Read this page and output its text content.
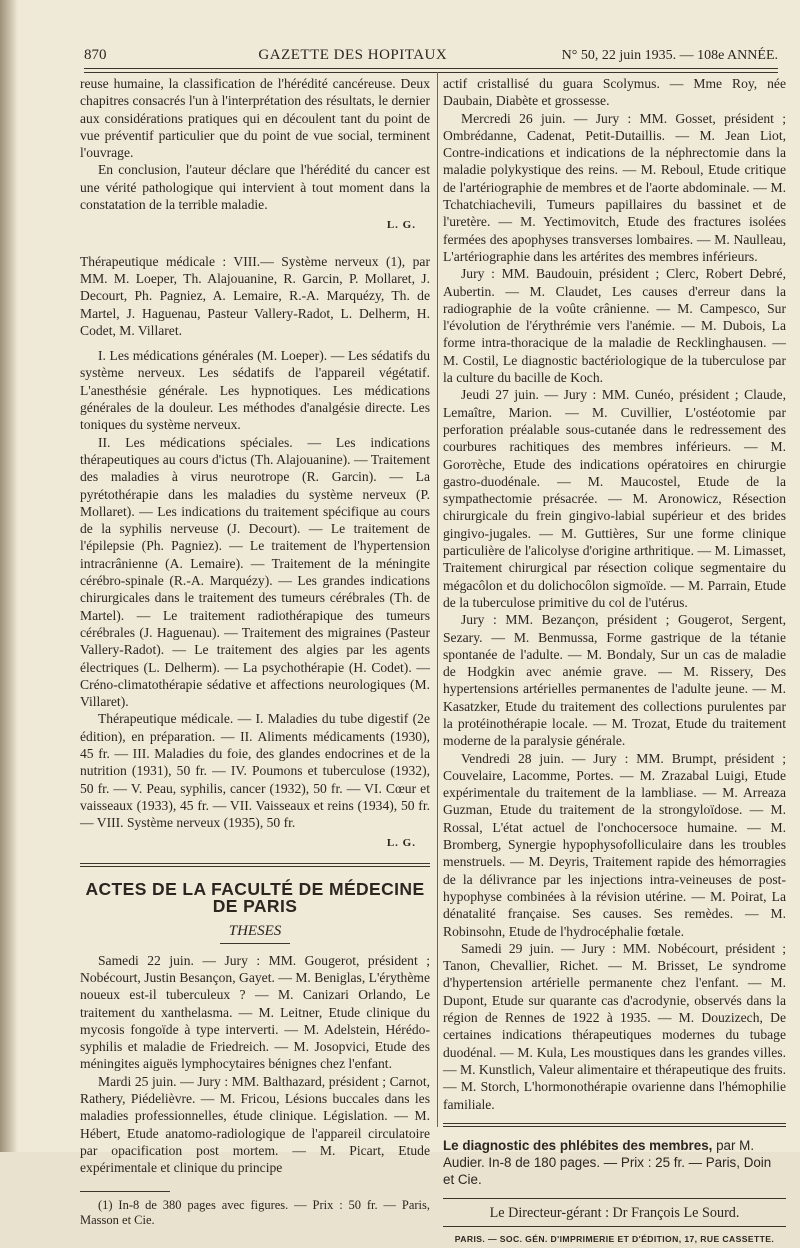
870	GAZETTE DES HOPITAUX	N° 50, 22 juin 1935. — 108e ANNÉE.

reuse humaine, la classification de l'hérédité cancéreuse. Deux chapitres consacrés l'un à l'interprétation des résultats, le dernier aux considérations pratiques qui en découlent tant du point de vue préventif particulier que du point de vue social, terminent l'ouvrage.

En conclusion, l'auteur déclare que l'hérédité du cancer est une vérité pathologique qui intervient à tout moment dans la constatation de la terrible maladie.

L. G.

Thérapeutique médicale : VIII.— Système nerveux (1), par MM. M. Loeper, Th. Alajouanine, R. Garcin, P. Mollaret, J. Decourt, Ph. Pagniez, A. Lemaire, R.-A. Marquézy, Th. de Martel, J. Haguenau, Pasteur Vallery-Radot, L. Delherm, H. Codet, M. Villaret.

I. Les médications générales (M. Loeper). — Les sédatifs du système nerveux. Les sédatifs de l'appareil végétatif. L'anesthésie générale. Les hypnotiques. Les médications générales de la douleur. Les méthodes d'analgésie directe. Les toniques du système nerveux.

II. Les médications spéciales. — Les indications thérapeutiques au cours d'ictus (Th. Alajouanine). — Traitement des maladies à virus neurotrope (R. Garcin). — La pyrétothérapie dans les maladies du système nerveux (P. Mollaret). — Les indications du traitement spécifique au cours de la syphilis nerveuse (J. Decourt). — Le traitement de l'épilepsie (Ph. Pagniez). — Le traitement de l'hypertension intracrânienne (A. Lemaire). — Traitement de la méningite cérébro-spinale (R.-A. Marquézy). — Les grandes indications chirurgicales dans le traitement des tumeurs cérébrales (Th. de Martel). — Le traitement radiothérapique des tumeurs cérébrales (J. Haguenau). — Traitement des migraines (Pasteur Vallery-Radot). — Le traitement des algies par les agents électriques (L. Delherm). — La psychothérapie (H. Codet). — Créno-climatothérapie sédative et affections neurologiques (M. Villaret).

Thérapeutique médicale. — I. Maladies du tube digestif (2e édition), en préparation. — II. Aliments médicaments (1930), 45 fr. — III. Maladies du foie, des glandes endocrines et de la nutrition (1931), 50 fr. — IV. Poumons et tuberculose (1932), 50 fr. — V. Peau, syphilis, cancer (1932), 50 fr. — VI. Cœur et vaisseaux (1933), 45 fr. — VII. Vaisseaux et reins (1934), 50 fr. — VIII. Système nerveux (1935), 50 fr.

L. G.
ACTES DE LA FACULTÉ DE MÉDECINE DE PARIS
THESES

Samedi 22 juin. — Jury : MM. Gougerot, président ; Nobécourt, Justin Besançon, Gayet. — M. Beniglas, L'érythème noueux est-il tuberculeux ? — M. Canizari Orlando, Le traitement du xanthelasma. — M. Leitner, Etude clinique du mycosis fongoïde à type interverti. — M. Adelstein, Hérédo-syphilis et maladie de Friedreich. — M. Josopvici, Etude des méningites aiguës lymphocytaires bénignes chez l'enfant.

Mardi 25 juin. — Jury : MM. Balthazard, président ; Carnot, Rathery, Piédelièvre. — M. Fricou, Lésions buccales dans les maladies professionnelles, étude clinique. Législation. — M. Hébert, Etude anatomo-radiologique de l'appareil circulatoire par opacification post mortem. — M. Picart, Etude expérimentale et clinique du principe

(1) In-8 de 380 pages avec figures. — Prix : 50 fr. — Paris, Masson et Cie.

actif cristallisé du guara Scolymus. — Mme Roy, née Daubain, Diabète et grossesse.

Mercredi 26 juin. — Jury : MM. Gosset, président ; Ombrédanne, Cadenat, Petit-Dutaillis. — M. Jean Liot, Contre-indications et indications de la néphrectomie dans la maladie polykystique des reins. — M. Reboul, Etude critique de l'artériographie de membres et de l'aorte abdominale. — M. Tchatchiachevili, Tumeurs papillaires du bassinet et de l'uretère. — M. Yectimovitch, Etude des fractures isolées fermées des apophyses transverses lombaires. — M. Naulleau, L'artériographie dans les artérites des membres inférieurs.

Jury : MM. Baudouin, président ; Clerc, Robert Debré, Aubertin. — M. Claudet, Les causes d'erreur dans la radiographie de la voûte crânienne. — M. Campesco, Sur l'évolution de l'érythrémie vers l'anémie. — M. Dubois, La forme intra-thoracique de la maladie de Recklinghausen. — M. Costil, Le diagnostic bactériologique de la tuberculose par la culture du bacille de Koch.

Jeudi 27 juin. — Jury : MM. Cunéo, président ; Claude, Lemaître, Marion. — M. Cuvillier, L'ostéotomie par perforation préalable sous-cutanée dans le redressement des courbures rachitiques des membres inférieurs. — M. Goroтèche, Etude des indications opératoires en chirurgie gastro-duodénale. — M. Maucostel, Etude de la sympathectomie présacrée. — M. Aronowicz, Résection chirurgicale du frein gingivo-labial supérieur et des brides gingivo-jugales. — M. Guttières, Sur une forme clinique particulière de l'alicolyse d'origine arthritique. — M. Limasset, Traitement chirurgical par résection colique segmentaire du mégacôlon et du dolichocôlon sigmoïde. — M. Parrain, Etude de la tuberculose primitive du col de l'utérus.

Jury : MM. Bezançon, président ; Gougerot, Sergent, Sezary. — M. Benmussa, Forme gastrique de la tétanie spontanée de l'adulte. — M. Bondaly, Sur un cas de maladie de Hodgkin avec anémie grave. — M. Rissery, Des hypertensions artérielles permanentes de l'adulte jeune. — M. Kasatzker, Etude du traitement des collections purulentes par la protéinothérapie locale. — M. Trozat, Etude du traitement moderne de la paralysie générale.

Vendredi 28 juin. — Jury : MM. Brumpt, président ; Couvelaire, Lacomme, Portes. — M. Zrazabal Luigi, Etude expérimentale du traitement de la lambliase. — M. Arreaza Guzman, Etude du traitement de la strongyloïdose. — M. Rossal, L'état actuel de l'onchocersoce humaine. — M. Bromberg, Synergie hypophysofolliculaire dans les troubles menstruels. — M. Deyris, Traitement rapide des hémorragies de la délivrance par les injections intra-veineuses de post-hypophyse combinées à la révision utérine. — M. Poirat, La dénatalité française. Ses causes. Ses remèdes. — M. Robinsohn, Etude de l'hydrocéphalie fœtale.

Samedi 29 juin. — Jury : MM. Nobécourt, président ; Tanon, Chevallier, Richet. — M. Brisset, Le syndrome d'hypertension artérielle permanente chez l'enfant. — M. Dupont, Etude sur quarante cas d'acrodynie, observés dans la région de Rennes de 1922 à 1935. — M. Douzizech, De certaines indications thérapeutiques modernes du tubage duodénal. — M. Kula, Les moustiques dans les grandes villes. — M. Kunstlich, Valeur alimentaire et thérapeutique des fruits. — M. Storch, L'hormonothérapie ovarienne dans l'hémophilie familiale.

Le diagnostic des phlébites des membres, par M. Audier. In-8 de 180 pages. — Prix : 25 fr. — Paris, Doin et Cie.

Le Directeur-gérant : Dr François Le Sourd.
PARIS. — SOC. GÉN. D'IMPRIMERIE ET D'ÉDITION, 17, RUE CASSETTE.
